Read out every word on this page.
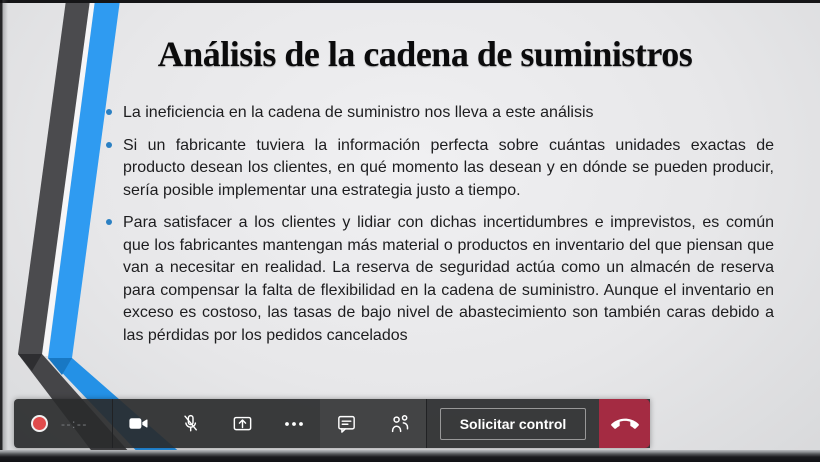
Análisis de la cadena de suministros
La ineficiencia en la cadena de suministro nos lleva a este análisis
Si un fabricante tuviera la información perfecta sobre cuántas unidades exactas de producto desean los clientes, en qué momento las desean y en dónde se pueden producir, sería posible implementar una estrategia justo a tiempo.
Para satisfacer a los clientes y lidiar con dichas incertidumbres e imprevistos, es común que los fabricantes mantengan más material o productos en inventario del que piensan que van a necesitar en realidad. La reserva de seguridad actúa como un almacén de reserva para compensar la falta de flexibilidad en la cadena de suministro. Aunque el inventario en exceso es costoso, las tasas de bajo nivel de abastecimiento son también caras debido a las pérdidas por los pedidos cancelados
--:--	Solicitar control
